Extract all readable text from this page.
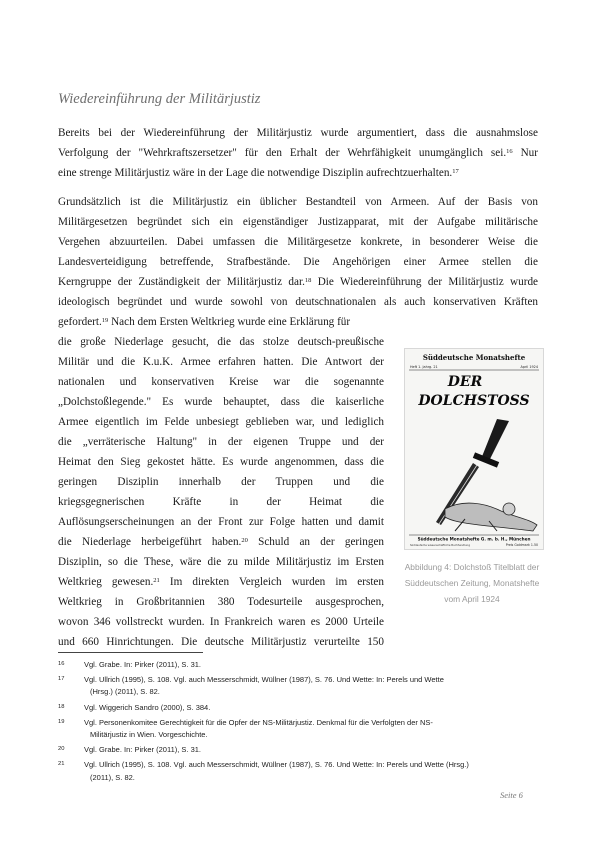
Wiedereinführung der Militärjustiz
Bereits bei der Wiedereinführung der Militärjustiz wurde argumentiert, dass die ausnahmslose
Verfolgung der "Wehrkraftszersetzer" für den Erhalt der Wehrfähigkeit unumgänglich sei.$^{16}$ Nur
eine strenge Militärjustiz wäre in der Lage die notwendige Disziplin aufrechtzuerhalten.$^{17}$
Grundsätzlich ist die Militärjustiz ein üblicher Bestandteil von Armeen. Auf der Basis von
Militärgesetzen begründet sich ein eigenständiger Justizapparat, mit der Aufgabe militärische
Vergehen abzuurteilen. Dabei umfassen die Militärgesetze konkrete, in besonderer Weise die
Landesverteidigung betreffende, Strafbestände. Die Angehörigen einer Armee stellen die
Kerngruppe der Zuständigkeit der Militärjustiz dar.$^{18}$ Die Wiedereinführung der Militärjustiz wurde
ideologisch begründet und wurde sowohl von deutschnationalen als auch konservativen Kräften
gefordert.$^{19}$ Nach dem Ersten Weltkrieg wurde eine Erklärung für
die große Niederlage gesucht, die das stolze deutsch-preußische
Militär und die K.u.K. Armee erfahren hatten. Die Antwort der
nationalen und konservativen Kreise war die sogenannte
„Dolchstoßlegende." Es wurde behauptet, dass die kaiserliche
Armee eigentlich im Felde unbesiegt geblieben war, und lediglich
die „verräterische Haltung" in der eigenen Truppe und der
Heimat den Sieg gekostet hätte. Es wurde angenommen, dass die
geringen Disziplin innerhalb der Truppen und die
kriegsgegnerischen Kräfte in der Heimat die
Auflösungserscheinungen an der Front zur Folge hatten und damit
die Niederlage herbeigeführt haben.$^{20}$ Schuld an der geringen
Disziplin, so die These, wäre die zu milde Militärjustiz im Ersten
Weltkrieg gewesen.$^{21}$ Im direkten Vergleich wurden im ersten
Weltkrieg in Großbritannien 380 Todesurteile ausgesprochen,
wovon 346 vollstreckt wurden. In Frankreich waren es 2000 Urteile
und 660 Hinrichtungen. Die deutsche Militärjustiz verurteilte 150
Süddeutsche Monatshefte
Heft 1. Jahrg. 21	April 1924
DER
DOLCHSTOSS
Süddeutsche Monatshefte G. m. b. H., München
Süddeutsche wissenschaftliche Buchhandlung	Preis Goldmark 1.50
Abbildung 4: Dolchstoß Titelblatt der
Süddeutschen Zeitung, Monatshefte
vom April 1924
16	Vgl. Grabe. In: Pirker (2011), S. 31.
17	Vgl. Ullrich (1995), S. 108. Vgl. auch Messerschmidt, Wüllner (1987), S. 76. Und Wette: In: Perels und Wette
(Hrsg.) (2011), S. 82.
18	Vgl. Wiggerich Sandro (2000), S. 384.
19	Vgl. Personenkomitee Gerechtigkeit für die Opfer der NS-Militärjustiz. Denkmal für die Verfolgten der NS-
Militärjustiz in Wien. Vorgeschichte.
20	Vgl. Grabe. In: Pirker (2011), S. 31.
21	Vgl. Ullrich (1995), S. 108. Vgl. auch Messerschmidt, Wüllner (1987), S. 76. Und Wette: In: Perels und Wette (Hrsg.)
(2011), S. 82.
Seite 6
